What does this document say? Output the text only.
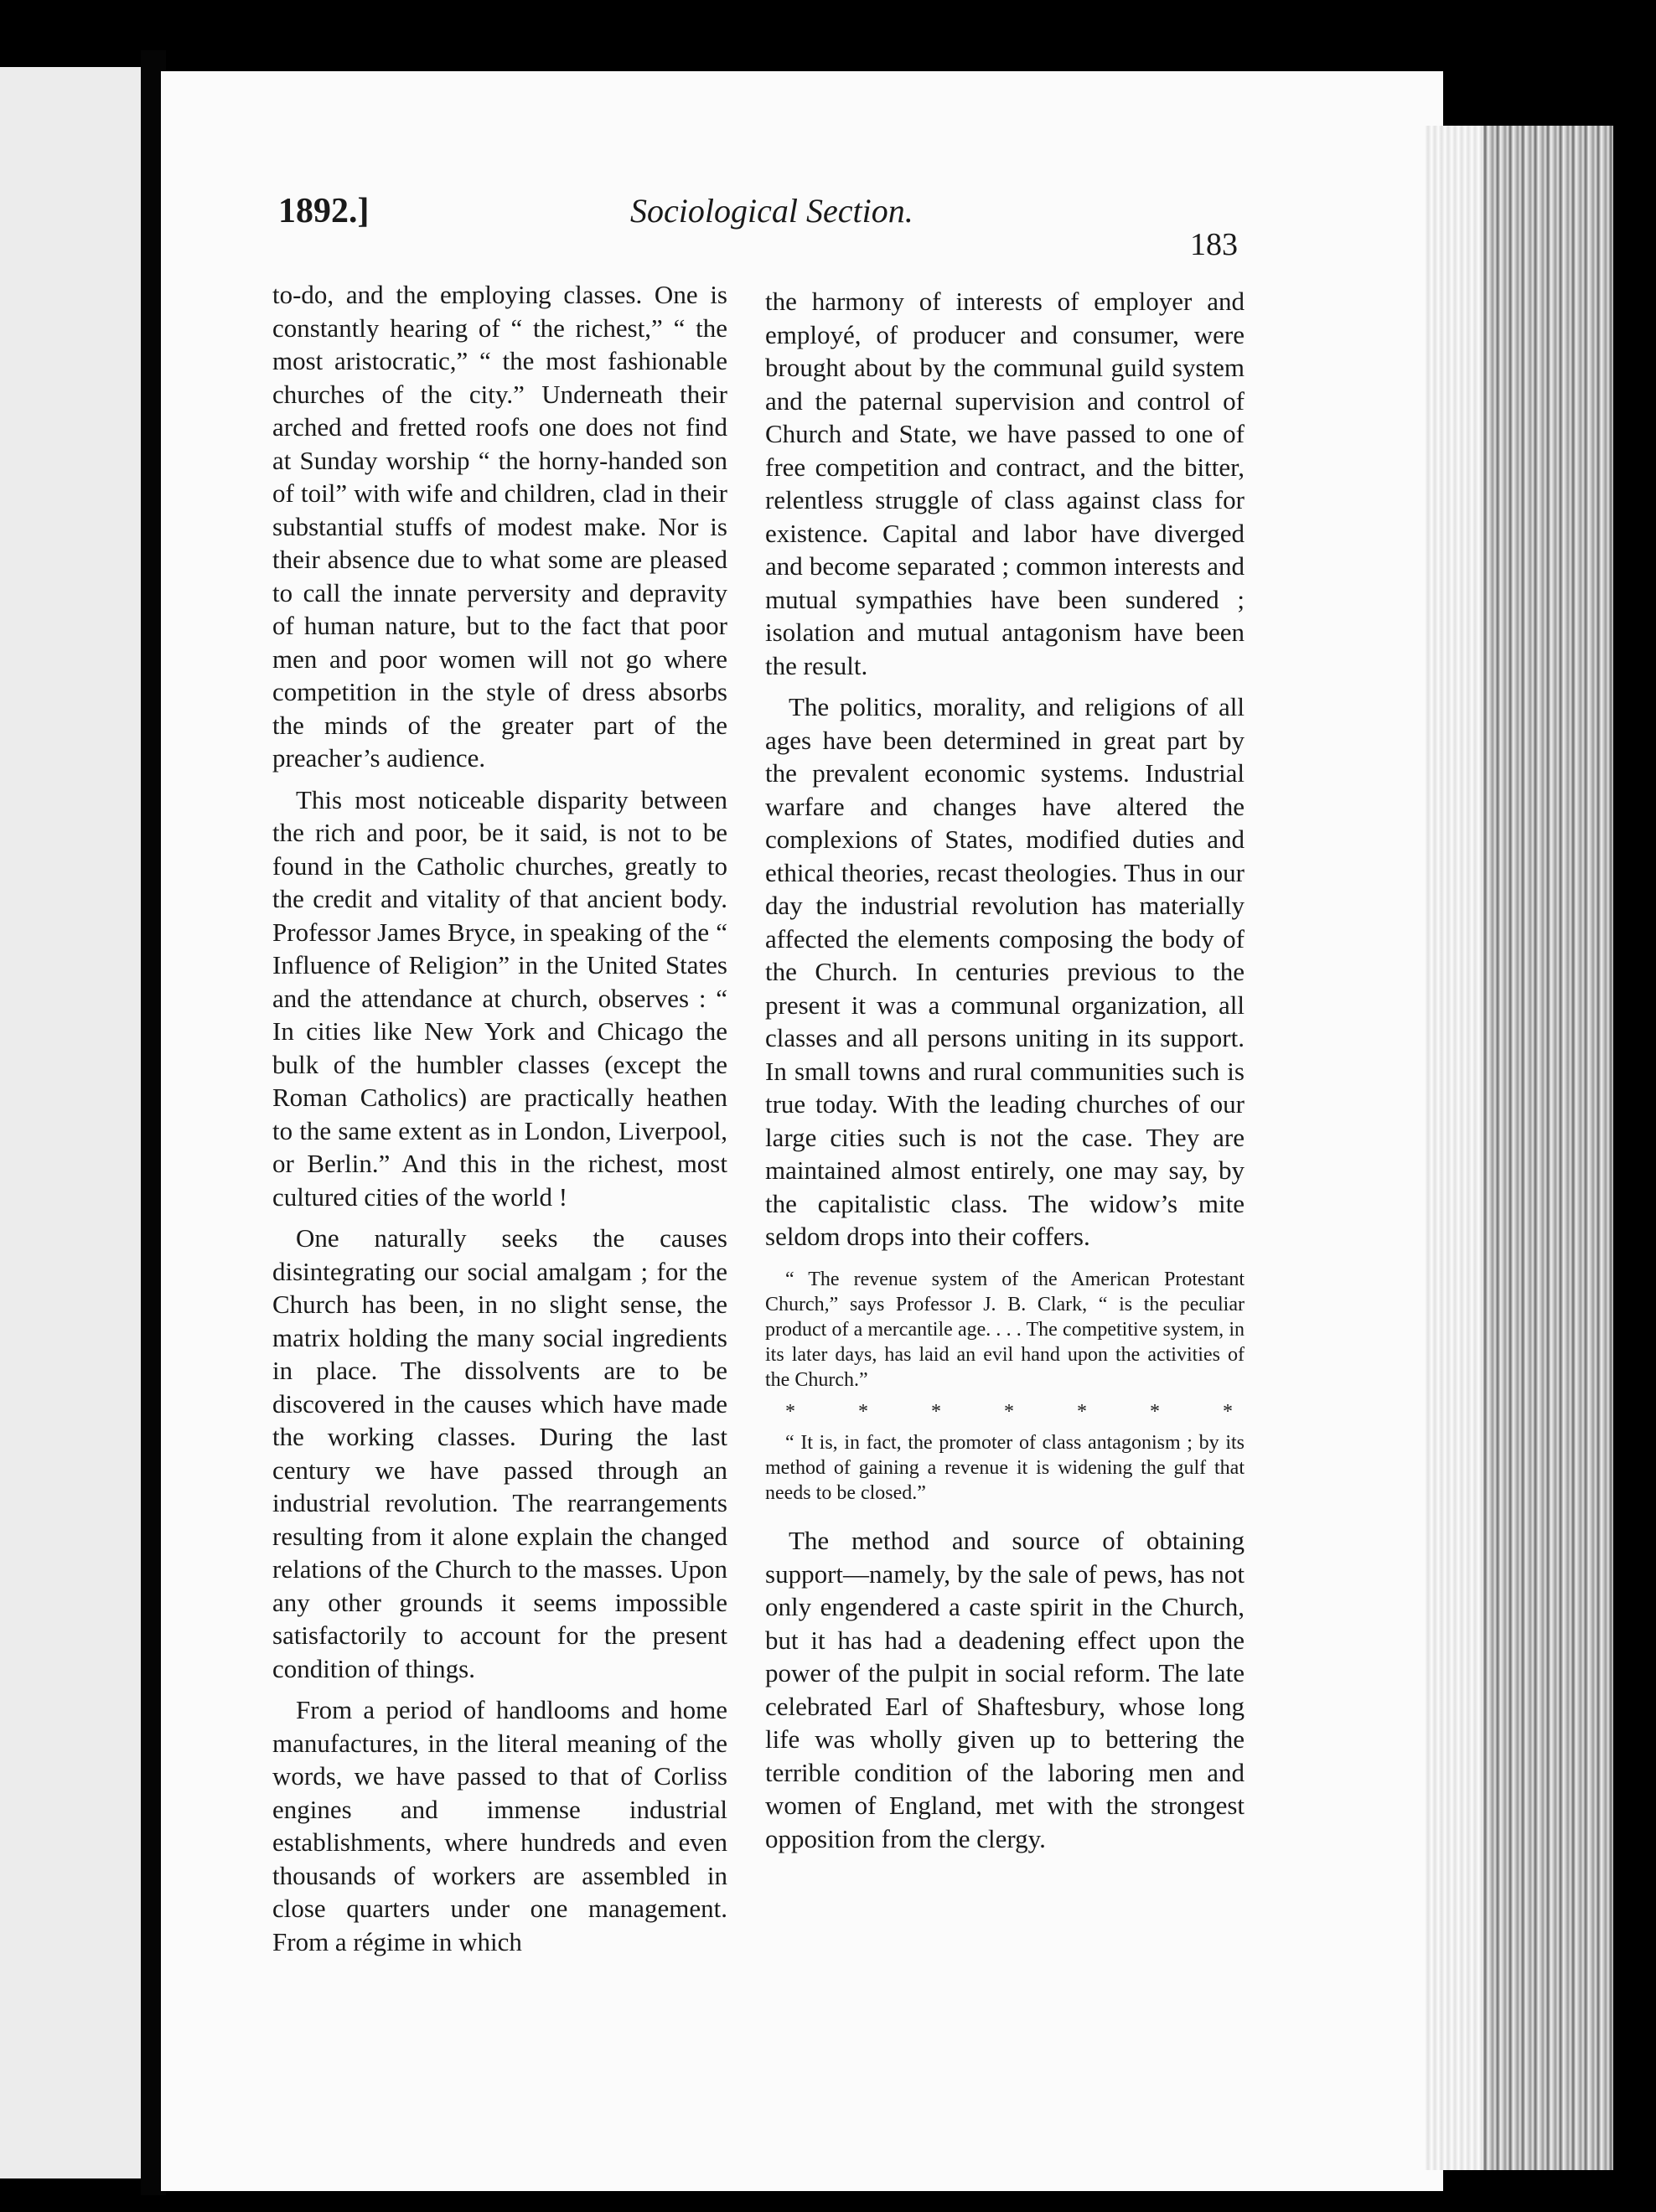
1892.]	Sociological Section.
183

to-do, and the employing classes. One is constantly hearing of “ the richest,” “ the most aristocratic,” “ the most fashionable churches of the city.” Underneath their arched and fretted roofs one does not find at Sunday worship “ the horny-handed son of toil” with wife and children, clad in their substantial stuffs of modest make. Nor is their absence due to what some are pleased to call the innate perversity and depravity of human nature, but to the fact that poor men and poor women will not go where competition in the style of dress absorbs the minds of the greater part of the preacher’s audience.

This most noticeable disparity between the rich and poor, be it said, is not to be found in the Catholic churches, greatly to the credit and vitality of that ancient body. Professor James Bryce, in speaking of the “ Influence of Religion” in the United States and the attendance at church, observes : “ In cities like New York and Chicago the bulk of the humbler classes (except the Roman Catholics) are practically heathen to the same extent as in London, Liverpool, or Berlin.” And this in the richest, most cultured cities of the world !

One naturally seeks the causes disintegrating our social amalgam ; for the Church has been, in no slight sense, the matrix holding the many social ingredients in place. The dissolvents are to be discovered in the causes which have made the working classes. During the last century we have passed through an industrial revolution. The rearrangements resulting from it alone explain the changed relations of the Church to the masses. Upon any other grounds it seems impossible satisfactorily to account for the present condition of things.

From a period of handlooms and home manufactures, in the literal meaning of the words, we have passed to that of Corliss engines and immense industrial establishments, where hundreds and even thousands of workers are assembled in close quarters under one management. From a régime in which

the harmony of interests of employer and employé, of producer and consumer, were brought about by the communal guild system and the paternal supervision and control of Church and State, we have passed to one of free competition and contract, and the bitter, relentless struggle of class against class for existence. Capital and labor have diverged and become separated ; common interests and mutual sympathies have been sundered ; isolation and mutual antagonism have been the result.

The politics, morality, and religions of all ages have been determined in great part by the prevalent economic systems. Industrial warfare and changes have altered the complexions of States, modified duties and ethical theories, recast theologies. Thus in our day the industrial revolution has materially affected the elements composing the body of the Church. In centuries previous to the present it was a communal organization, all classes and all persons uniting in its support. In small towns and rural communities such is true today. With the leading churches of our large cities such is not the case. They are maintained almost entirely, one may say, by the capitalistic class. The widow’s mite seldom drops into their coffers.

“ The revenue system of the American Protestant Church,” says Professor J. B. Clark, “ is the peculiar product of a mercantile age. . . . The competitive system, in its later days, has laid an evil hand upon the activities of the Church.”
*	*	*	*	*	*	*
“ It is, in fact, the promoter of class antagonism ; by its method of gaining a revenue it is widening the gulf that needs to be closed.”

The method and source of obtaining support—namely, by the sale of pews, has not only engendered a caste spirit in the Church, but it has had a deadening effect upon the power of the pulpit in social reform. The late celebrated Earl of Shaftesbury, whose long life was wholly given up to bettering the terrible condition of the laboring men and women of England, met with the strongest opposition from the clergy.
